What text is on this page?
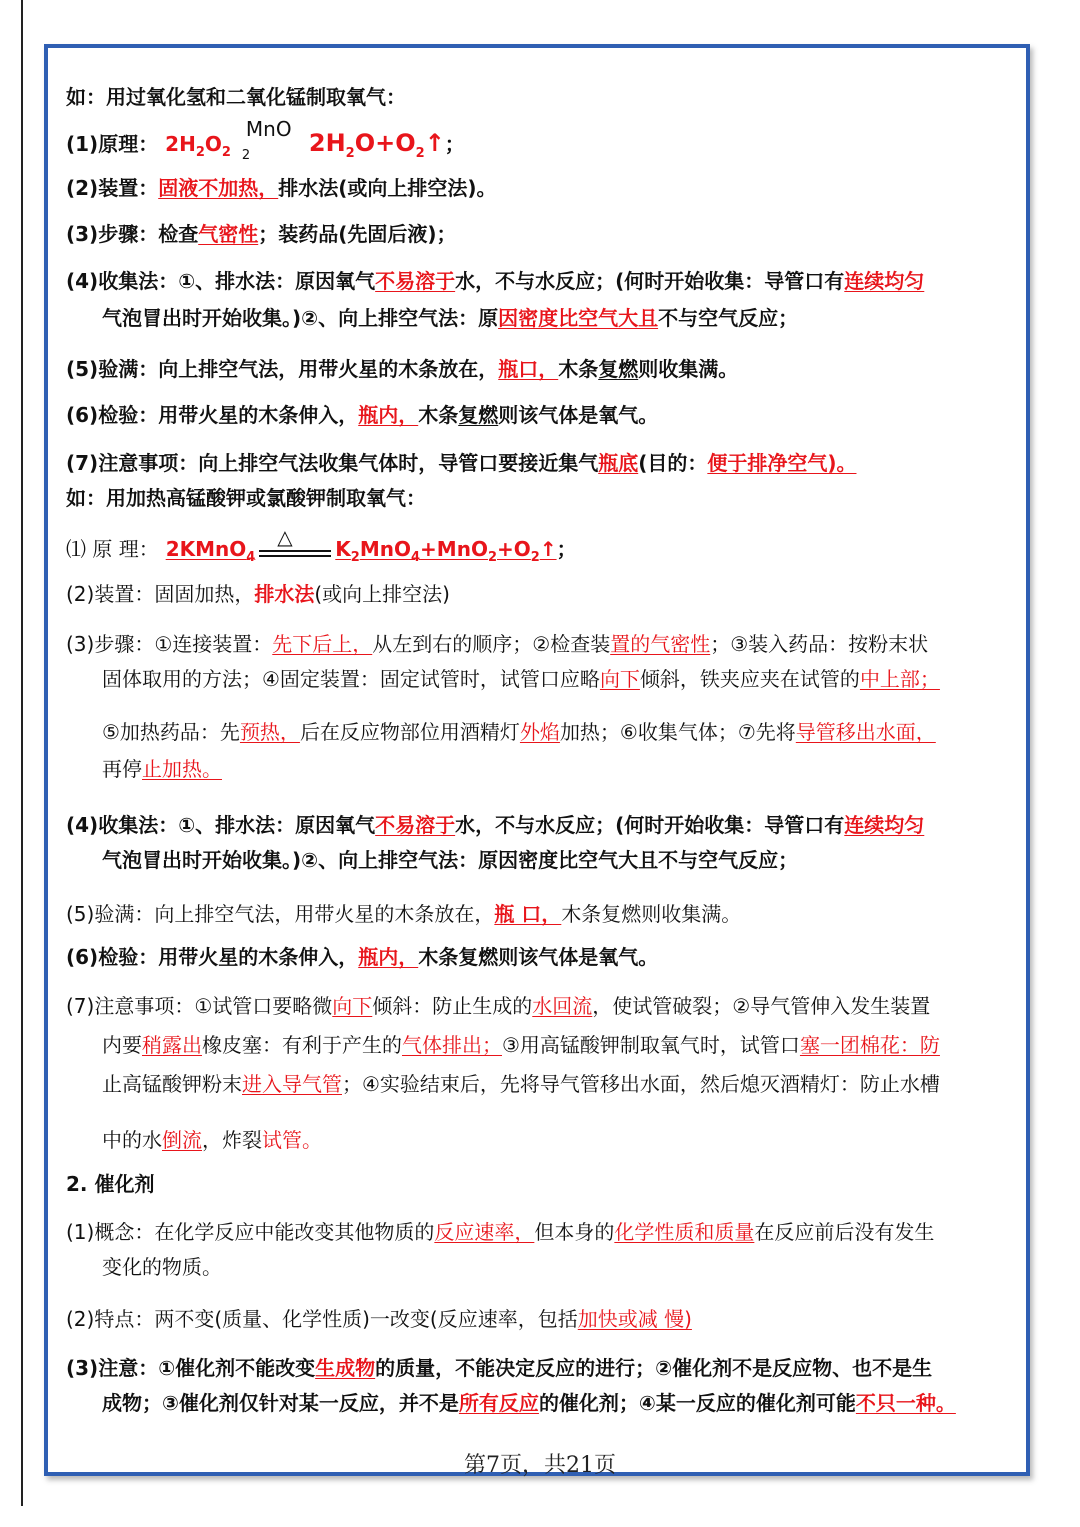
如：用过氧化氢和二氧化锰制取氧气：
(1)原理： $2H_2O_2$
MnO
$_2$ $2H_2O+O_2↑$；
(2)装置：固液不加热，排水法(或向上排空法)。
(3)步骤：检查气密性；装药品(先固后液)；
(4)收集法：①、排水法：原因氧气不易溶于水，不与水反应；(何时开始收集：导管口有连续均匀
气泡冒出时开始收集。)②、向上排空气法：原因密度比空气大且不与空气反应；
(5)验满：向上排空气法，用带火星的木条放在，瓶口，木条复燃则收集满。
(6)检验：用带火星的木条伸入，瓶内，木条复燃则该气体是氧气。
(7)注意事项：向上排空气法收集气体时，导管口要接近集气瓶底(目的：便于排净空气)。
如：用加热高锰酸钾或氯酸钾制取氧气：
⑴ 原 理： 2KMnO$_4$
△
$K_2MnO_4+MnO_2+O_2↑$；
(2)装置：固固加热，排水法(或向上排空法)
(3)步骤：①连接装置：先下后上，从左到右的顺序；②检查装置的气密性；③装入药品：按粉末状
固体取用的方法；④固定装置：固定试管时，试管口应略向下倾斜，铁夹应夹在试管的中上部；
⑤加热药品：先预热，后在反应物部位用酒精灯外焰加热；⑥收集气体；⑦先将导管移出水面，
再停止加热。
(4)收集法：①、排水法：原因氧气不易溶于水，不与水反应；(何时开始收集：导管口有连续均匀
气泡冒出时开始收集。)②、向上排空气法：原因密度比空气大且不与空气反应；
(5)验满：向上排空气法，用带火星的木条放在，瓶 口，木条复燃则收集满。
(6)检验：用带火星的木条伸入，瓶内，木条复燃则该气体是氧气。
(7)注意事项：①试管口要略微向下倾斜：防止生成的水回流，使试管破裂；②导气管伸入发生装置
内要稍露出橡皮塞：有利于产生的气体排出；③用高锰酸钾制取氧气时，试管口塞一团棉花：防
止高锰酸钾粉末进入导气管；④实验结束后，先将导气管移出水面，然后熄灭酒精灯：防止水槽
中的水倒流，炸裂试管。
2. 催化剂
(1)概念：在化学反应中能改变其他物质的反应速率，但本身的化学性质和质量在反应前后没有发生
变化的物质。
(2)特点：两不变(质量、化学性质)一改变(反应速率，包括加快或减 慢)
(3)注意：①催化剂不能改变生成物的质量，不能决定反应的进行；②催化剂不是反应物、也不是生
成物；③催化剂仅针对某一反应，并不是所有反应的催化剂；④某一反应的催化剂可能不只一种。
第7页，共21页
